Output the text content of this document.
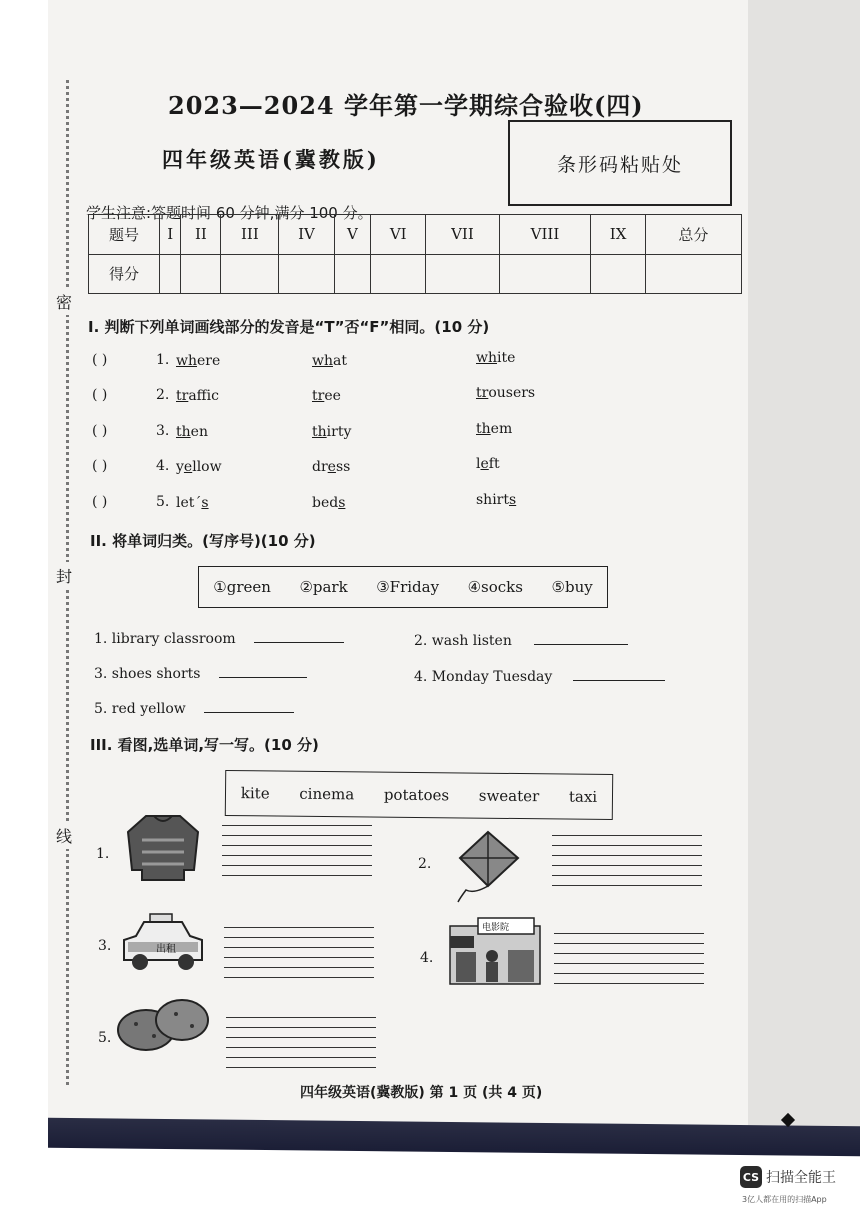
密
封
线
2023—2024 学年第一学期综合验收(四)
四年级英语(冀教版)	条形码粘贴处
学生注意:答题时间 60 分钟,满分 100 分。
题号	I	II	III	IV	V	VI	VII	VIII	IX	总分
得分										
I. 判断下列单词画线部分的发音是“T”否“F”相同。(10 分)
( )	1. where	what	white
( )	2. traffic	tree	trousers
( )	3. then	thirty	them
( )	4. yellow	dress	left
( )	5. let´s	beds	shirts
II. 将单词归类。(写序号)(10 分)
①green ②park ③Friday ④socks ⑤buy
1. library classroom	2. wash listen
3. shoes shorts	4. Monday Tuesday
5. red yellow
III. 看图,选单词,写一写。(10 分)
kite cinema potatoes sweater taxi
1.
2.
3.	出租
4.
电影院
5.
四年级英语(冀教版) 第 1 页 (共 4 页)
CS 扫描全能王
3亿人都在用的扫描App
